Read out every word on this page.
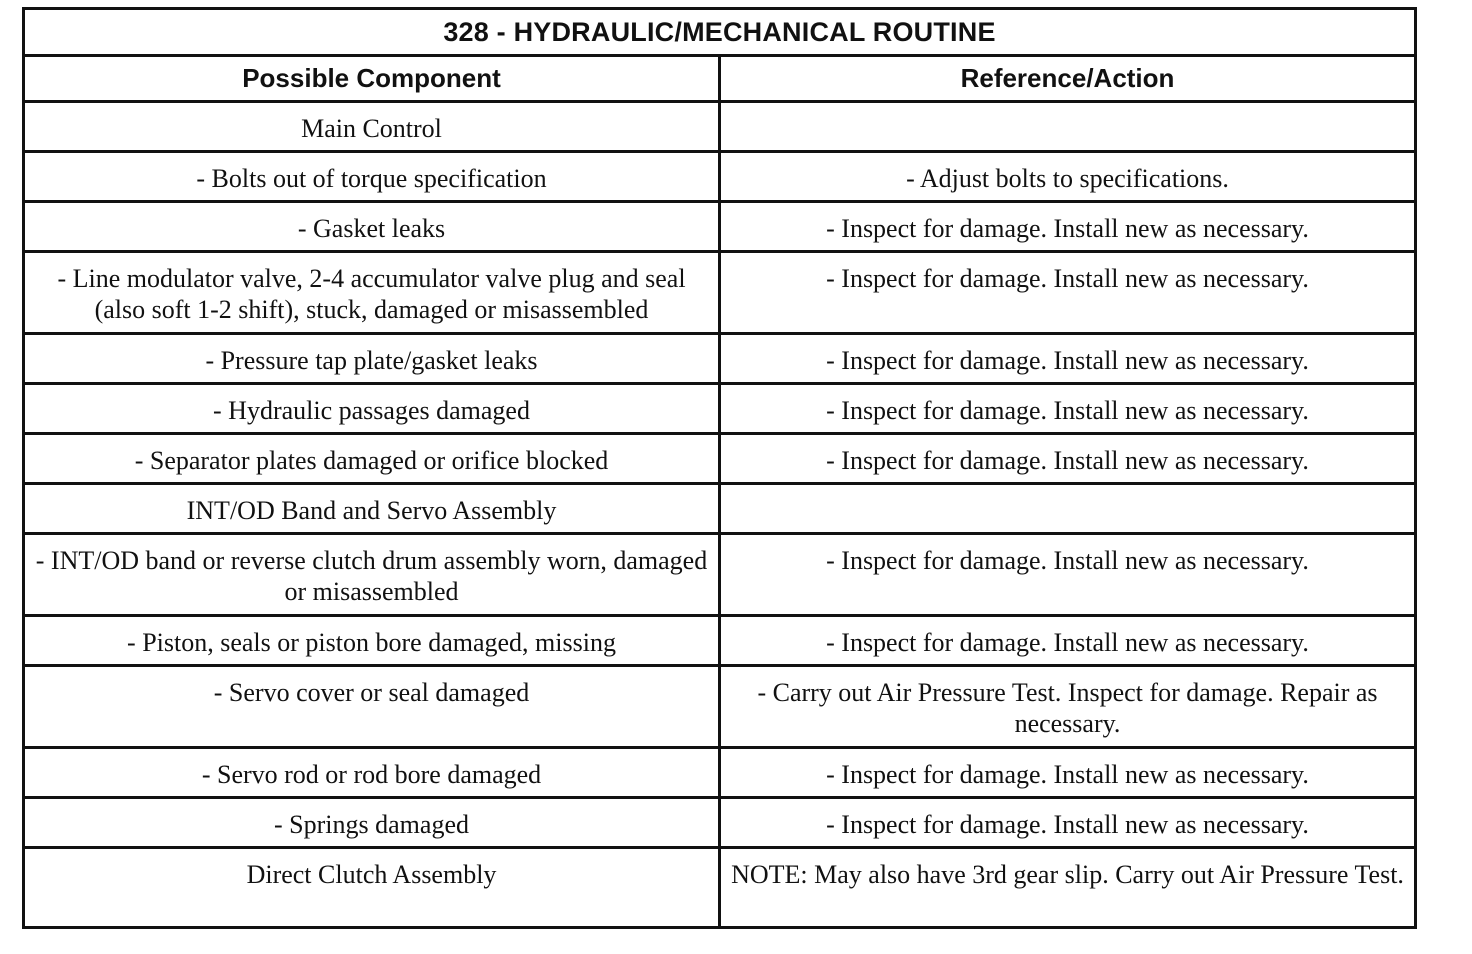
328 - HYDRAULIC/MECHANICAL ROUTINE	
Possible Component	Reference/Action
Main Control	
- Bolts out of torque specification	- Adjust bolts to specifications.
- Gasket leaks	- Inspect for damage. Install new as necessary.
- Line modulator valve, 2-4 accumulator valve plug and seal (also soft 1-2 shift), stuck, damaged or misassembled	- Inspect for damage. Install new as necessary.
- Pressure tap plate/gasket leaks	- Inspect for damage. Install new as necessary.
- Hydraulic passages damaged	- Inspect for damage. Install new as necessary.
- Separator plates damaged or orifice blocked	- Inspect for damage. Install new as necessary.
INT/OD Band and Servo Assembly	
- INT/OD band or reverse clutch drum assembly worn, damaged or misassembled	- Inspect for damage. Install new as necessary.
- Piston, seals or piston bore damaged, missing	- Inspect for damage. Install new as necessary.
- Servo cover or seal damaged	- Carry out Air Pressure Test. Inspect for damage. Repair as necessary.
- Servo rod or rod bore damaged	- Inspect for damage. Install new as necessary.
- Springs damaged	- Inspect for damage. Install new as necessary.
Direct Clutch Assembly	NOTE: May also have 3rd gear slip. Carry out Air Pressure Test.
